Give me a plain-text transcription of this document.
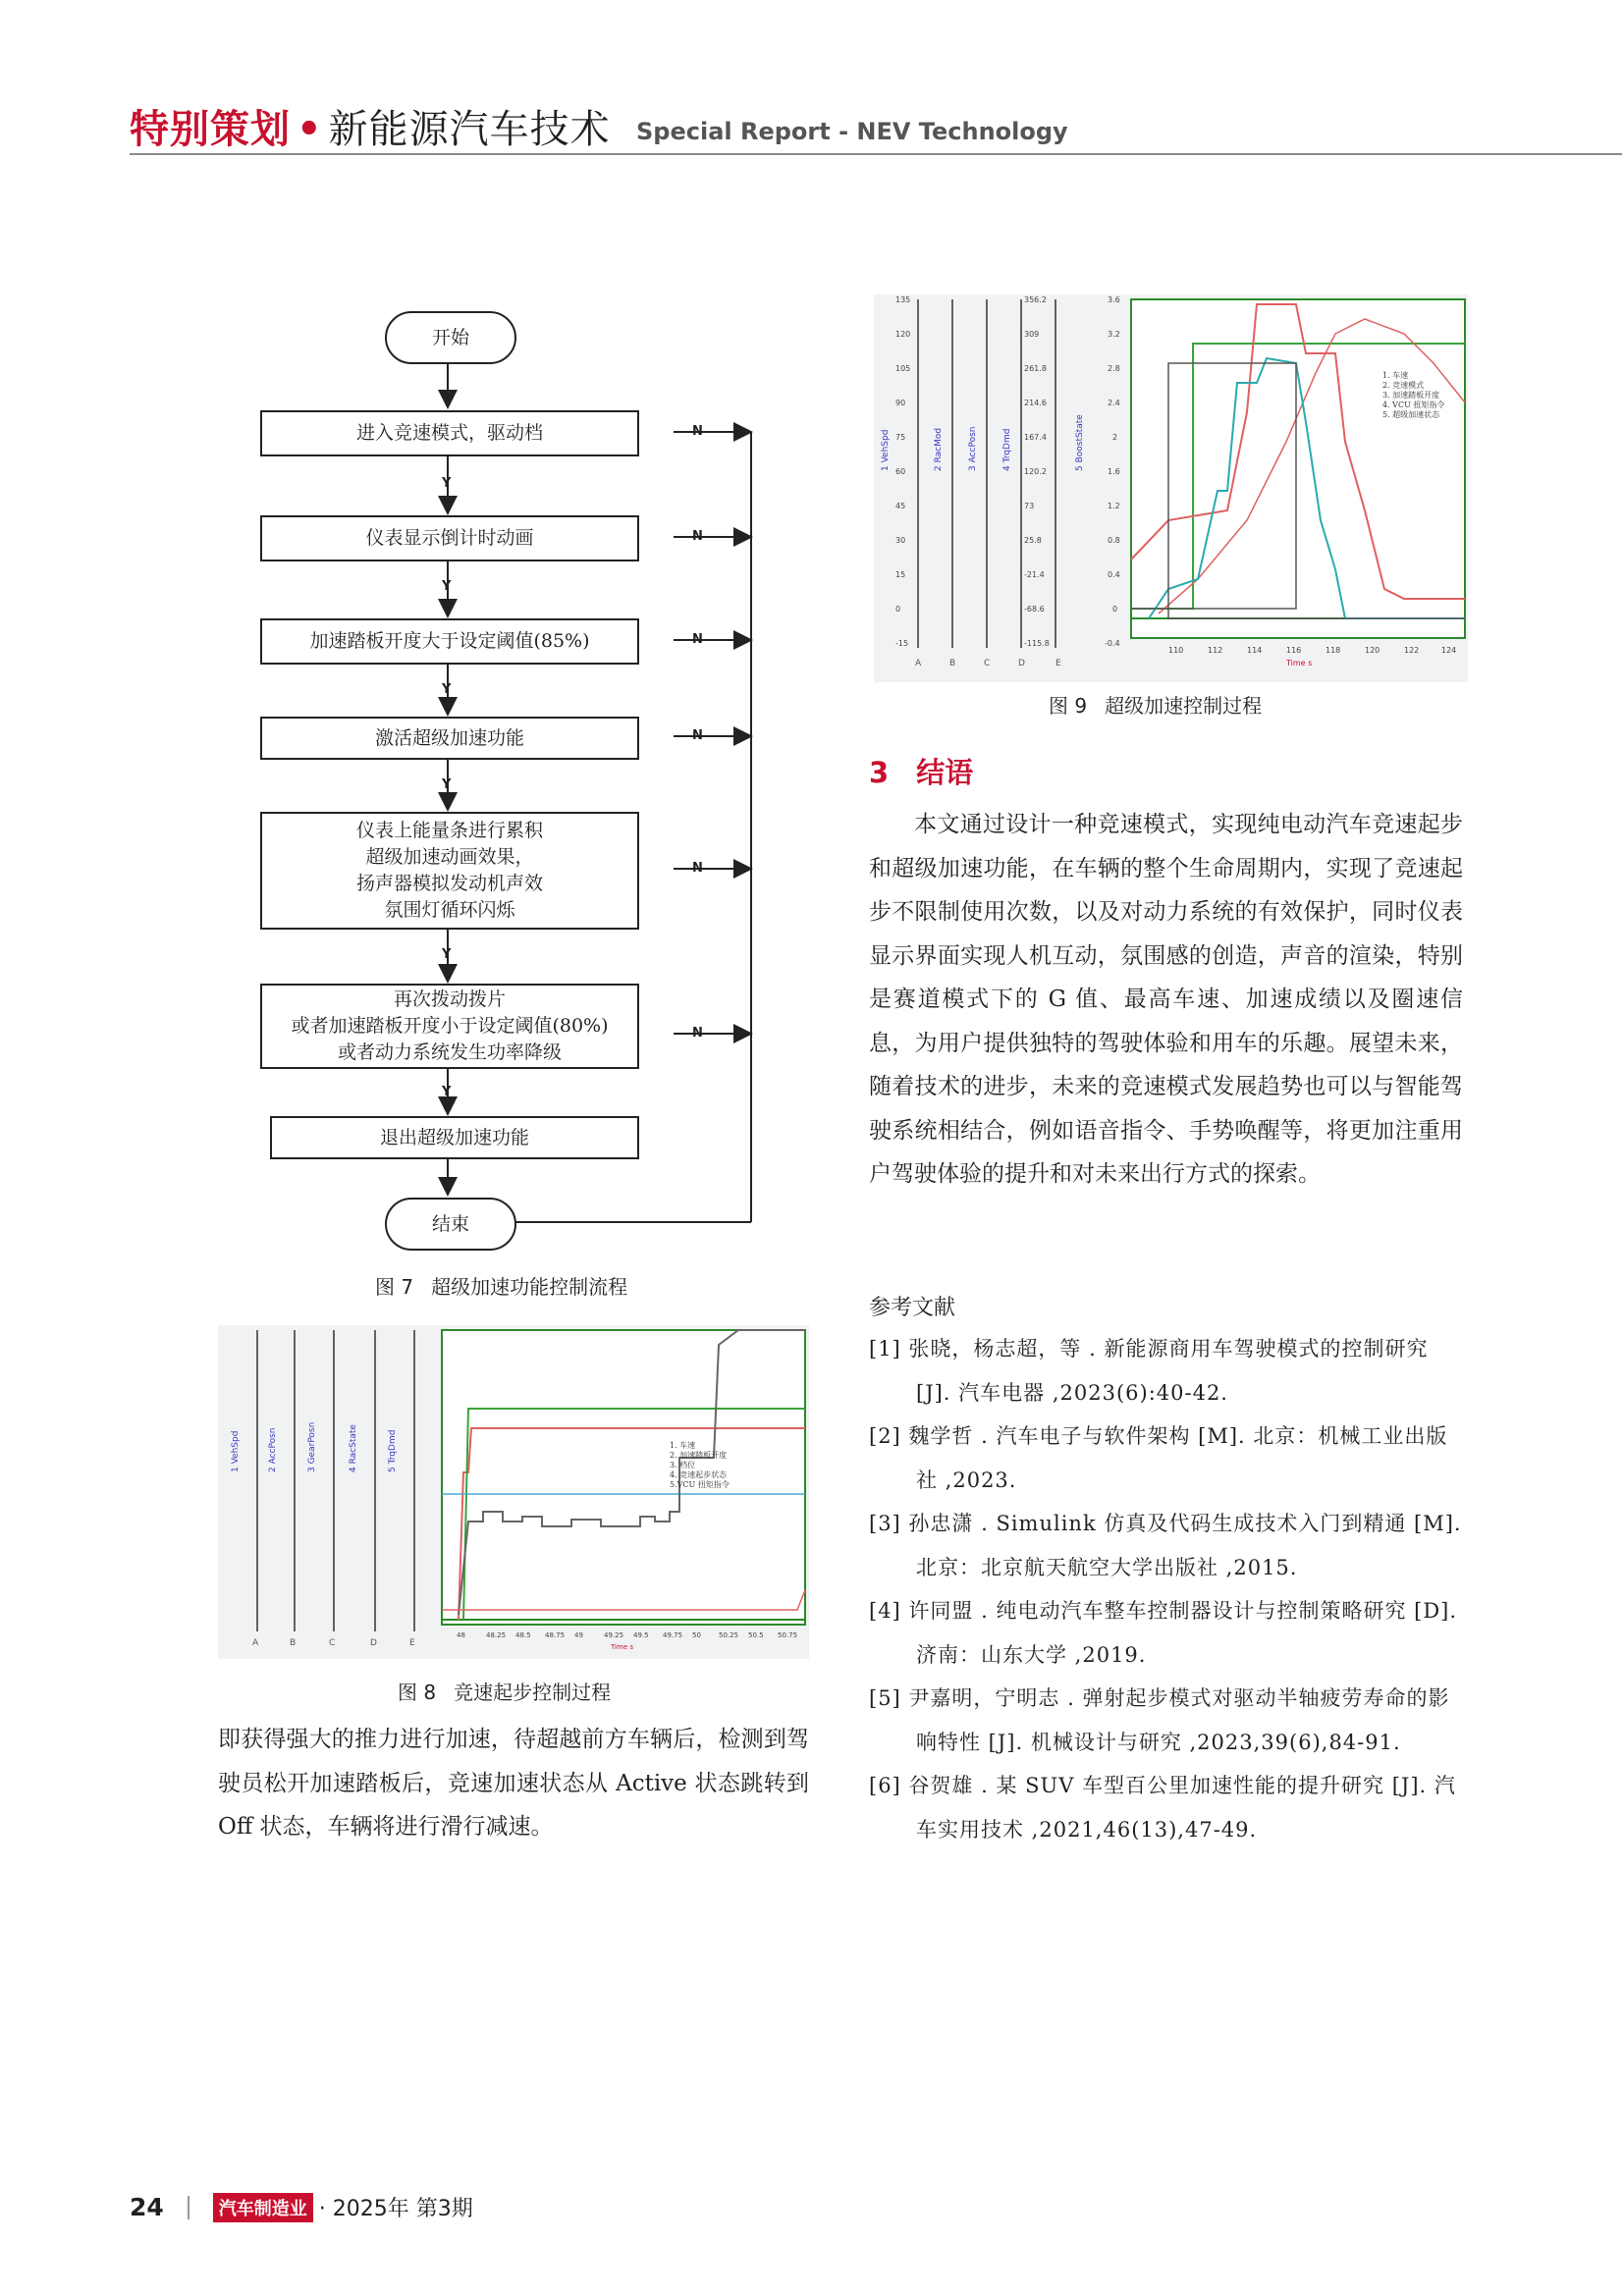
特别策划 • 新能源汽车技术 Special Report - NEV Technology
开始
进入竞速模式，驱动档
仪表显示倒计时动画
加速踏板开度大于设定阈值(85%)
激活超级加速功能
仪表上能量条进行累积
超级加速动画效果，
扬声器模拟发动机声效
氛围灯循环闪烁
再次拨动拨片
或者加速踏板开度小于设定阈值(80%)
或者动力系统发生功率降级
退出超级加速功能
结束
Y
Y
Y
Y
Y
Y
N
N
N
N
N
N
图 7 超级加速功能控制流程
1 VehSpd	2 AccPosn	3 GearPosn	4 RacState	5 TrqDmd
A	B	C	D	E
1. 车速
2. 加速踏板开度
3. 档位
4. 竞速起步状态
5.VCU 扭矩指令
48	48.25 48.5 48.75 49	49.25 49.5 49.75 50	50.25 50.5 50.75
Time s
图 8 竞速起步控制过程
135
120
105
90
75
60
45
30
15
0
-15
356.2
309
261.8
214.6
167.4
120.2
73
25.8
-21.4
-68.6
-115.8
3.6
3.2
2.8
2.4
2
1.6
1.2
0.8
0.4
0
-0.4
1 VehSpd	2 RacMod	3 AccPosn	4 TrqDmd	5 BoostState
A	B	C	D	E
1. 车速
2. 竞速模式
3. 加速踏板开度
4. VCU 扭矩指令
5. 超级加速状态
110	112	114	116	118	120	122	124
Time s
图 9 超级加速控制过程
3 结语
本文通过设计一种竞速模式，实现纯电动汽车竞速起步和超级加速功能，在车辆的整个生命周期内，实现了竞速起步不限制使用次数，以及对动力系统的有效保护，同时仪表显示界面实现人机互动，氛围感的创造，声音的渲染，特别是赛道模式下的 G 值、最高车速、加速成绩以及圈速信息，为用户提供独特的驾驶体验和用车的乐趣。展望未来，随着技术的进步，未来的竞速模式发展趋势也可以与智能驾驶系统相结合，例如语音指令、手势唤醒等，将更加注重用户驾驶体验的提升和对未来出行方式的探索。
即获得强大的推力进行加速，待超越前方车辆后，检测到驾驶员松开加速踏板后，竞速加速状态从 Active 状态跳转到 Off 状态，车辆将进行滑行减速。
参考文献
[1] 张晓，杨志超，等 . 新能源商用车驾驶模式的控制研究 [J]. 汽车电器 ,2023(6):40-42.
[2] 魏学哲 . 汽车电子与软件架构 [M]. 北京：机械工业出版社 ,2023.
[3] 孙忠潇 . Simulink 仿真及代码生成技术入门到精通 [M]. 北京：北京航天航空大学出版社 ,2015.
[4] 许同盟 . 纯电动汽车整车控制器设计与控制策略研究 [D]. 济南：山东大学 ,2019.
[5] 尹嘉明，宁明志 . 弹射起步模式对驱动半轴疲劳寿命的影响特性 [J]. 机械设计与研究 ,2023,39(6),84-91.
[6] 谷贺雄 . 某 SUV 车型百公里加速性能的提升研究 [J]. 汽车实用技术 ,2021,46(13),47-49.
24	汽车制造业 · 2025年 第3期
